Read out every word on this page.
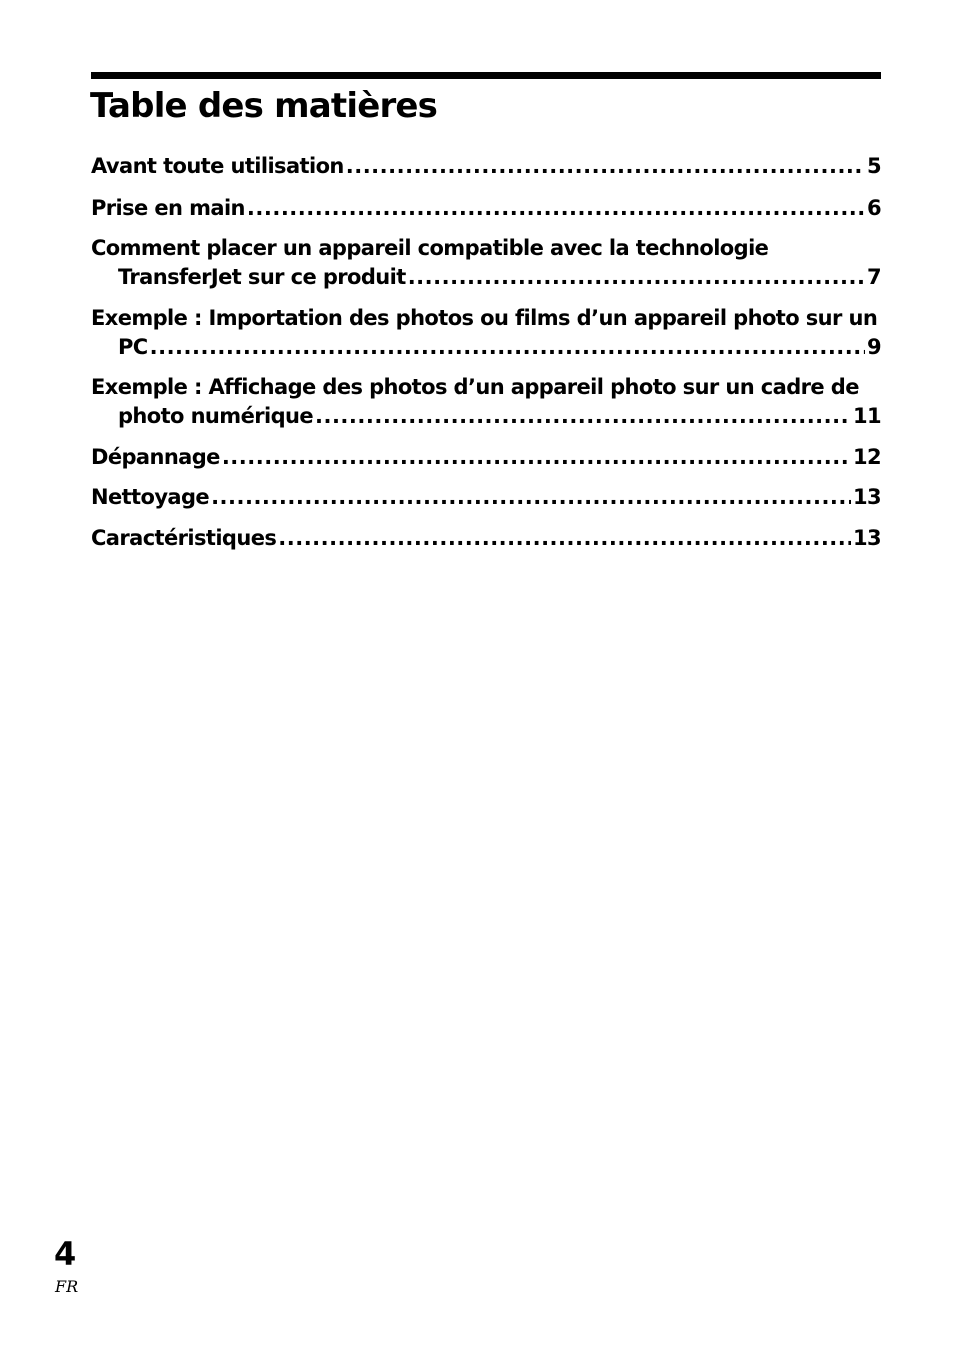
Table des matières
Avant toute utilisation .....	5
Prise en main .....	6
Comment placer un appareil compatible avec la technologie
TransferJet sur ce produit .....	7
Exemple : Importation des photos ou films d’un appareil photo sur un
PC .....	9
Exemple : Affichage des photos d’un appareil photo sur un cadre de
photo numérique .....	11
Dépannage .....	12
Nettoyage .....	13
Caractéristiques .....	13
4
FR
